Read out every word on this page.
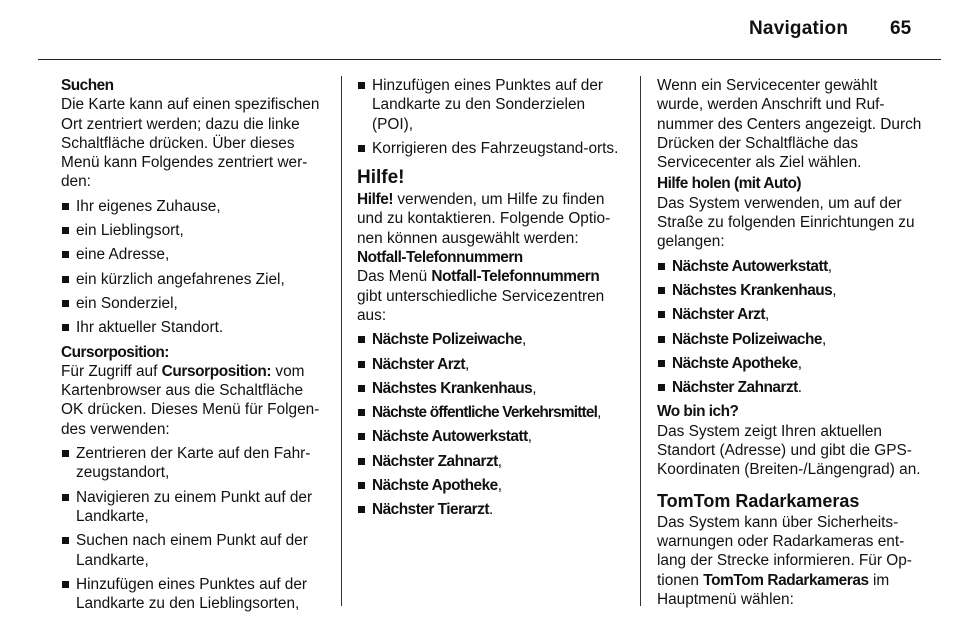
Navigation 65

Suchen

Die Karte kann auf einen spezifischen Ort zentriert werden; dazu die linke Schaltfläche drücken. Über dieses Menü kann Folgendes zentriert wer-den:

Ihr eigenes Zuhause,
ein Lieblingsort,
eine Adresse,
ein kürzlich angefahrenes Ziel,
ein Sonderziel,
Ihr aktueller Standort.

Cursorposition:

Für Zugriff auf Cursorposition: vom Kartenbrowser aus die Schaltfläche OK drücken. Dieses Menü für Folgen-des verwenden:

Zentrieren der Karte auf den Fahr-zeugstandort,
Navigieren zu einem Punkt auf der Landkarte,
Suchen nach einem Punkt auf der Landkarte,
Hinzufügen eines Punktes auf der Landkarte zu den Lieblingsorten,
Hinzufügen eines Punktes auf der Landkarte zu den Sonderzielen (POI),
Korrigieren des Fahrzeugstand-orts.

Hilfe!

Hilfe! verwenden, um Hilfe zu finden und zu kontaktieren. Folgende Optio-nen können ausgewählt werden:

Notfall-Telefonnummern

Das Menü Notfall-Telefonnummern gibt unterschiedliche Servicezentren aus:

Nächste Polizeiwache,
Nächster Arzt,
Nächstes Krankenhaus,
Nächste öffentliche Verkehrsmittel,
Nächste Autowerkstatt,
Nächster Zahnarzt,
Nächste Apotheke,
Nächster Tierarzt.

Wenn ein Servicecenter gewählt wurde, werden Anschrift und Ruf-nummer des Centers angezeigt. Durch Drücken der Schaltfläche das Servicecenter als Ziel wählen.

Hilfe holen (mit Auto)

Das System verwenden, um auf der Straße zu folgenden Einrichtungen zu gelangen:

Nächste Autowerkstatt,
Nächstes Krankenhaus,
Nächster Arzt,
Nächste Polizeiwache,
Nächste Apotheke,
Nächster Zahnarzt.

Wo bin ich?

Das System zeigt Ihren aktuellen Standort (Adresse) und gibt die GPS-Koordinaten (Breiten-/Längengrad) an.

TomTom Radarkameras

Das System kann über Sicherheits-warnungen oder Radarkameras ent-lang der Strecke informieren. Für Op-tionen TomTom Radarkameras im Hauptmenü wählen:
